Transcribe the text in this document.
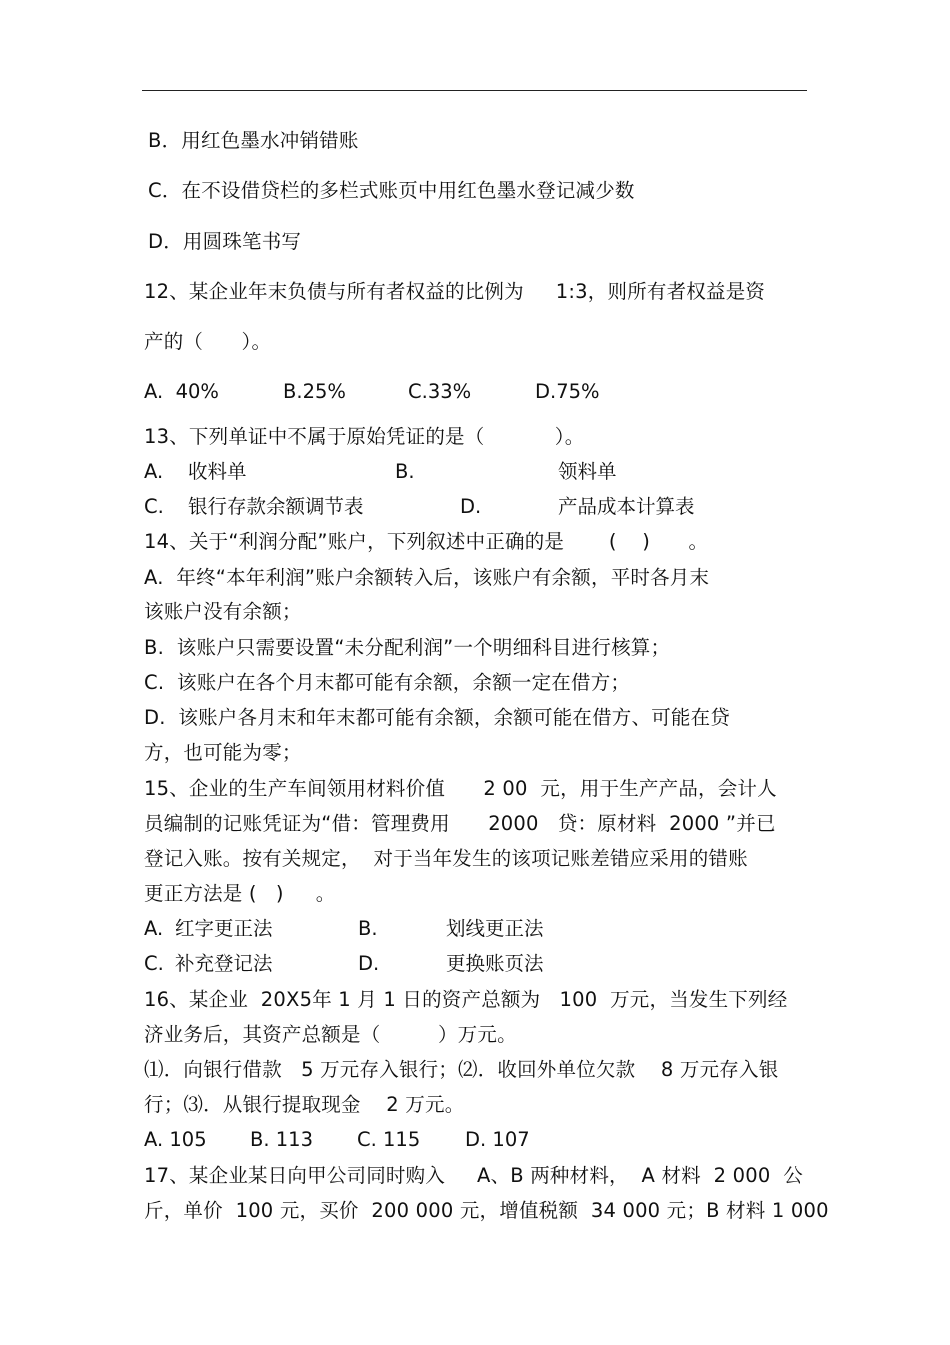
B．用红色墨水冲销错账
C．在不设借贷栏的多栏式账页中用红色墨水登记减少数
D．用圆珠笔书写
12、某企业年末负债与所有者权益的比例为     1:3，则所有者权益是资
产的（      ）。
A.  40%	B.25%	C.33%	D.75%
13、下列单证中不属于原始凭证的是（           ）。
A. 收料单	B.	领料单
C. 银行存款余额调节表	D.	产品成本计算表
14、关于“利润分配”账户，下列叙述中正确的是       (    )      。
A.  年终“本年利润”账户余额转入后，该账户有余额，平时各月末
该账户没有余额；
B.  该账户只需要设置“未分配利润”一个明细科目进行核算；
C.  该账户在各个月末都可能有余额，余额一定在借方；
D.  该账户各月末和年末都可能有余额，余额可能在借方、可能在贷
方，也可能为零；
15、企业的生产车间领用材料价值      2 00  元，用于生产产品，会计人
员编制的记账凭证为“借：管理费用      2000   贷：原材料  2000 ”并已
登记入账。按有关规定，  对于当年发生的该项记账差错应采用的错账
更正方法是 (   )     。
A. 红字更正法	B.	划线更正法
C. 补充登记法	D.	更换账页法
16、某企业  20X5年 1 月 1 日的资产总额为   100  万元，当发生下列经
济业务后，其资产总额是（         ）万元。
⑴．向银行借款   5 万元存入银行；⑵．收回外单位欠款    8 万元存入银
行；⑶．从银行提取现金    2 万元。
A. 105 B. 113 C. 115 D. 107
17、某企业某日向甲公司同时购入     A、B 两种材料，  A 材料  2 000  公
斤，单价  100 元，买价  200 000 元，增值税额  34 000 元；B 材料 1 000
